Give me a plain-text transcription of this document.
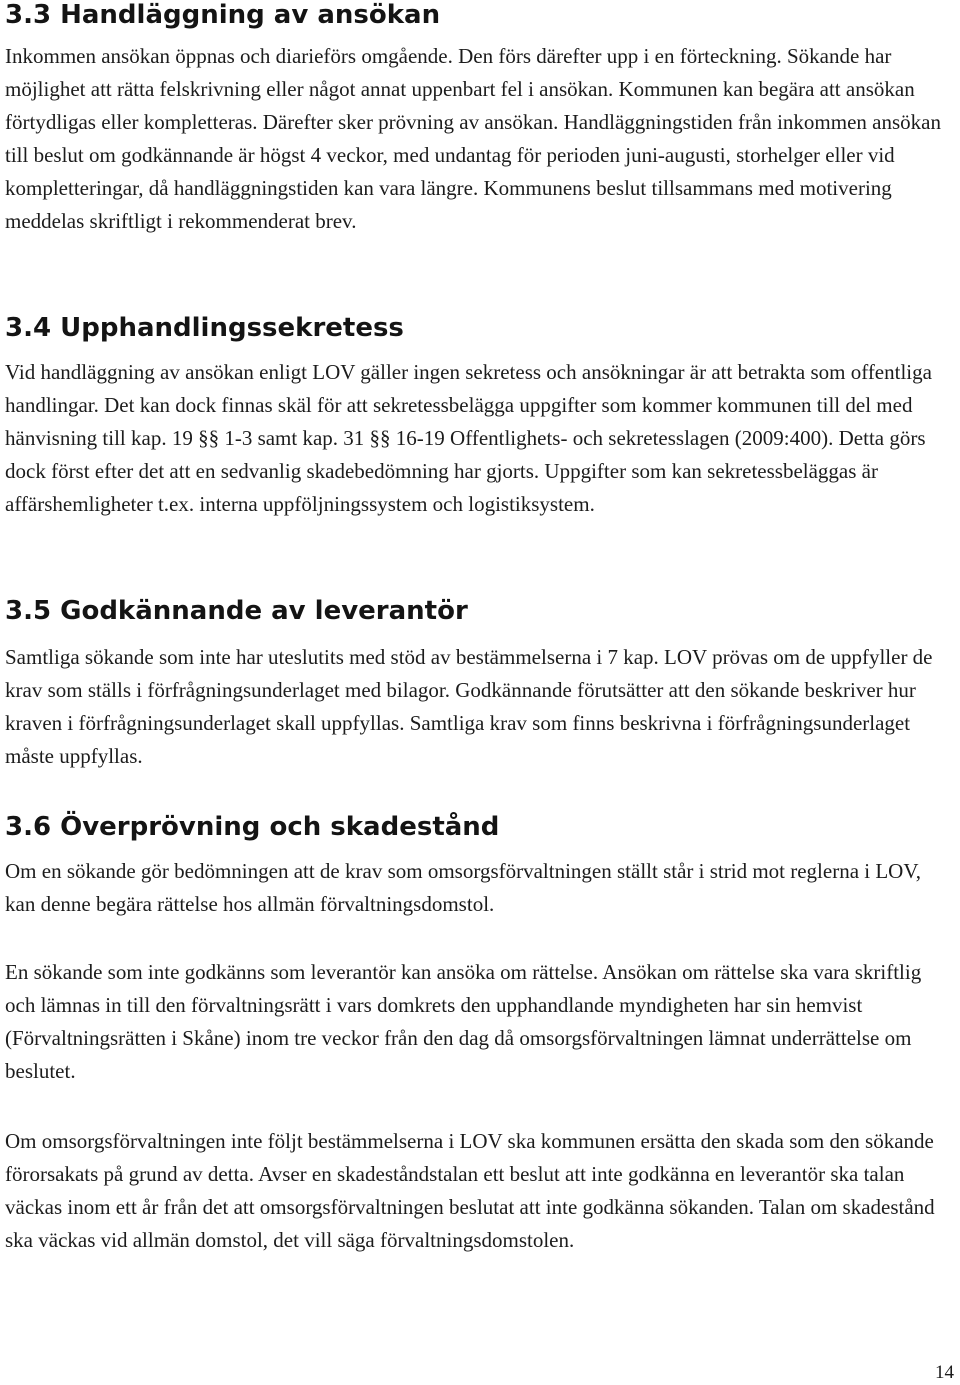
3.3 Handläggning av ansökan

Inkommen ansökan öppnas och diarieförs omgående. Den förs därefter upp i en förteckning. Sökande har möjlighet att rätta felskrivning eller något annat uppenbart fel i ansökan. Kommunen kan begära att ansökan förtydligas eller kompletteras. Därefter sker prövning av ansökan. Handläggningstiden från inkommen ansökan till beslut om godkännande är högst 4 veckor, med undantag för perioden juni-augusti, storhelger eller vid kompletteringar, då handläggningstiden kan vara längre. Kommunens beslut tillsammans med motivering meddelas skriftligt i rekommenderat brev.

3.4 Upphandlingssekretess

Vid handläggning av ansökan enligt LOV gäller ingen sekretess och ansökningar är att betrakta som offentliga handlingar. Det kan dock finnas skäl för att sekretessbelägga uppgifter som kommer kommunen till del med hänvisning till kap. 19 §§ 1-3 samt kap. 31 §§ 16-19 Offentlighets- och sekretesslagen (2009:400). Detta görs dock först efter det att en sedvanlig skadebedömning har gjorts. Uppgifter som kan sekretessbeläggas är affärshemligheter t.ex. interna uppföljningssystem och logistiksystem.

3.5 Godkännande av leverantör

Samtliga sökande som inte har uteslutits med stöd av bestämmelserna i 7 kap. LOV prövas om de uppfyller de krav som ställs i förfrågningsunderlaget med bilagor. Godkännande förutsätter att den sökande beskriver hur kraven i förfrågningsunderlaget skall uppfyllas. Samtliga krav som finns beskrivna i förfrågningsunderlaget måste uppfyllas.

3.6 Överprövning och skadestånd

Om en sökande gör bedömningen att de krav som omsorgsförvaltningen ställt står i strid mot reglerna i LOV, kan denne begära rättelse hos allmän förvaltningsdomstol.

En sökande som inte godkänns som leverantör kan ansöka om rättelse. Ansökan om rättelse ska vara skriftlig och lämnas in till den förvaltningsrätt i vars domkrets den upphandlande myndigheten har sin hemvist (Förvaltningsrätten i Skåne) inom tre veckor från den dag då omsorgsförvaltningen lämnat underrättelse om beslutet.

Om omsorgsförvaltningen inte följt bestämmelserna i LOV ska kommunen ersätta den skada som den sökande förorsakats på grund av detta. Avser en skadeståndstalan ett beslut att inte godkänna en leverantör ska talan väckas inom ett år från det att omsorgsförvaltningen beslutat att inte godkänna sökanden. Talan om skadestånd ska väckas vid allmän domstol, det vill säga förvaltningsdomstolen.

14
